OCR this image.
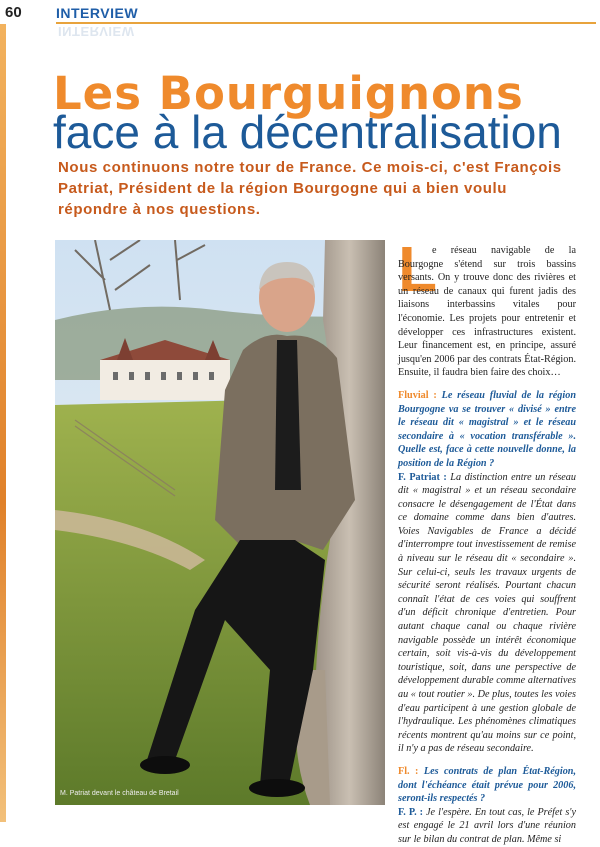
60 INTERVIEW
INTERVIEW
Les Bourguignons
face à la décentralisation
Nous continuons notre tour de France. Ce mois-ci, c'est François Patriat, Président de la région Bourgogne qui a bien voulu répondre à nos questions.
M. Patriat devant le château de Bretail
L
e réseau navigable de la Bourgogne s'étend sur trois bassins versants. On y trouve donc des rivières et un réseau de canaux qui furent jadis des liaisons interbassins vitales pour l'économie. Les projets pour entretenir et développer ces infrastructures existent. Leur financement est, en principe, assuré jusqu'en 2006 par des contrats État-Région. Ensuite, il faudra bien faire des choix…
Fluvial : Le réseau fluvial de la région Bourgogne va se trouver « divisé » entre le réseau dit « magistral » et le réseau secondaire à « vocation transférable ». Quelle est, face à cette nouvelle donne, la position de la Région ?
F. Patriat : La distinction entre un réseau dit « magistral » et un réseau secondaire consacre le désengagement de l'État dans ce domaine comme dans bien d'autres. Voies Navigables de France a décidé d'interrompre tout investissement de remise à niveau sur le réseau dit « secondaire ». Sur celui-ci, seuls les travaux urgents de sécurité seront réalisés. Pourtant chacun connaît l'état de ces voies qui souffrent d'un déficit chronique d'entretien. Pour autant chaque canal ou chaque rivière navigable possède un intérêt économique certain, soit vis-à-vis du développement touristique, soit, dans une perspective de développement durable comme alternatives au « tout routier ». De plus, toutes les voies d'eau participent à une gestion globale de l'hydraulique. Les phénomènes climatiques récents montrent qu'au moins sur ce point, il n'y a pas de réseau secondaire.
Fl. : Les contrats de plan État-Région, dont l'échéance était prévue pour 2006, seront-ils respectés ?
F. P. : Je l'espère. En tout cas, le Préfet s'y est engagé le 21 avril lors d'une réunion sur le bilan du contrat de plan. Même si
